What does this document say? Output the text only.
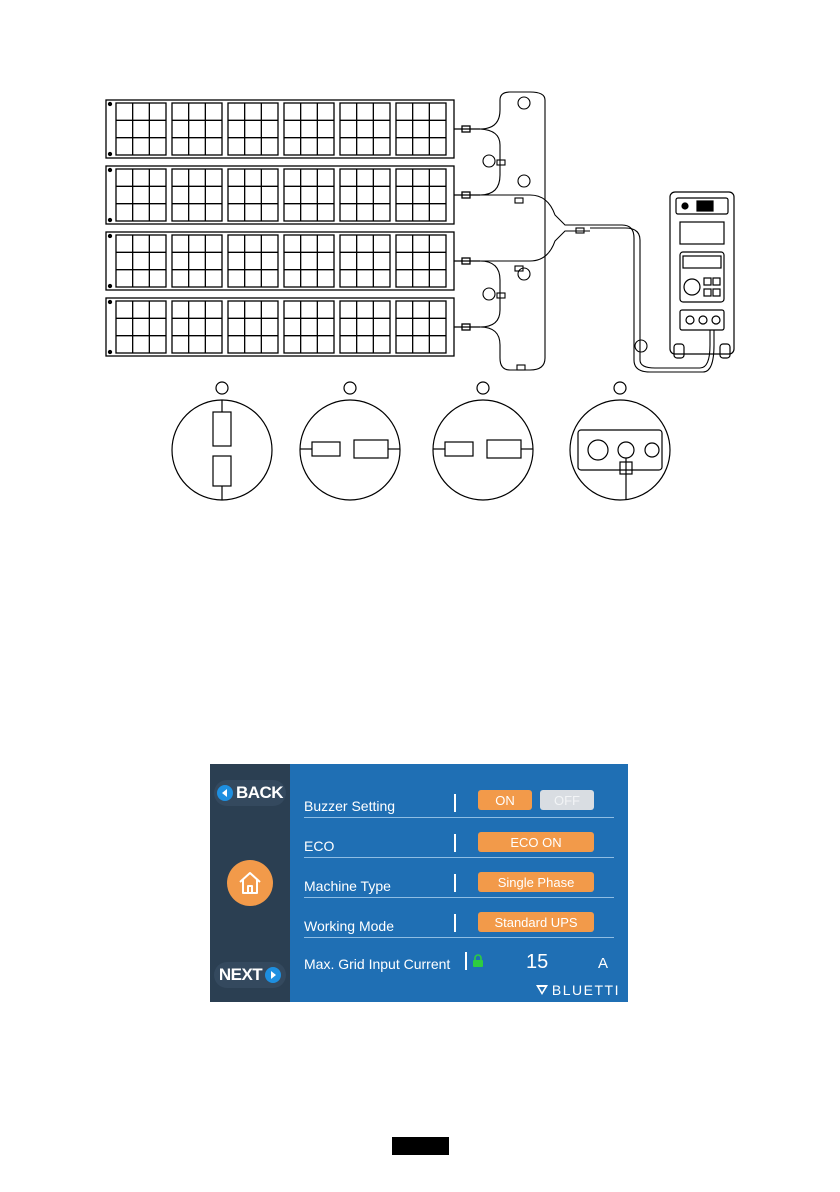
BACK
NEXT
Buzzer Setting	ON	OFF
ECO	ECO ON
Machine Type	Single Phase
Working Mode	Standard UPS
Max. Grid Input Current	15	A
BLUETTI
